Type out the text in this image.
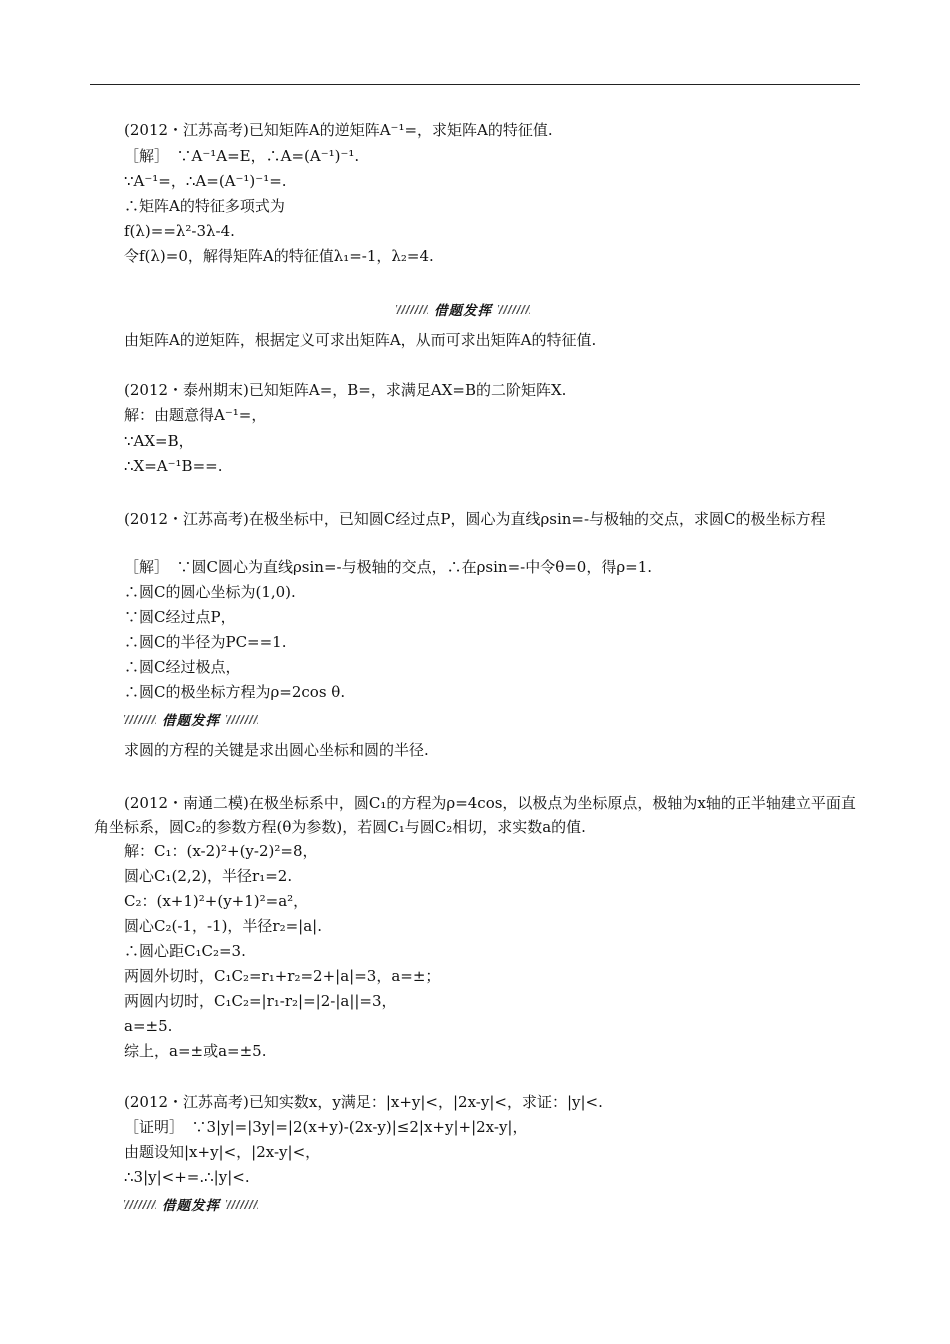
(2012・江苏高考)已知矩阵A的逆矩阵A⁻¹=，求矩阵A的特征值.
［解］　∵A⁻¹A=E，∴A=(A⁻¹)⁻¹.
∵A⁻¹=，∴A=(A⁻¹)⁻¹=.
∴矩阵A的特征多项式为
f(λ)==λ²-3λ-4.
令f(λ)=0，解得矩阵A的特征值λ₁=-1，λ₂=4.
借题发挥
由矩阵A的逆矩阵，根据定义可求出矩阵A，从而可求出矩阵A的特征值.
(2012・泰州期末)已知矩阵A=，B=，求满足AX=B的二阶矩阵X.
解：由题意得A⁻¹=，
∵AX=B，
∴X=A⁻¹B==.
(2012・江苏高考)在极坐标中，已知圆C经过点P，圆心为直线ρsin=-与极轴的交点，求圆C的极坐标方程
［解］　∵圆C圆心为直线ρsin=-与极轴的交点，∴在ρsin=-中令θ=0，得ρ=1.
∴圆C的圆心坐标为(1,0).
∵圆C经过点P，
∴圆C的半径为PC==1.
∴圆C经过极点，
∴圆C的极坐标方程为ρ=2cos θ.
借题发挥
求圆的方程的关键是求出圆心坐标和圆的半径.
(2012・南通二模)在极坐标系中，圆C₁的方程为ρ=4cos，以极点为坐标原点，极轴为x轴的正半轴建立平面直角坐标系，圆C₂的参数方程(θ为参数)，若圆C₁与圆C₂相切，求实数a的值.
解：C₁：(x-2)²+(y-2)²=8，
圆心C₁(2,2)，半径r₁=2.
C₂：(x+1)²+(y+1)²=a²，
圆心C₂(-1，-1)，半径r₂=|a|.
∴圆心距C₁C₂=3.
两圆外切时，C₁C₂=r₁+r₂=2+|a|=3，a=±；
两圆内切时，C₁C₂=|r₁-r₂|=|2-|a||=3，
a=±5.
综上，a=±或a=±5.
(2012・江苏高考)已知实数x，y满足：|x+y|<，|2x-y|<，求证：|y|<.
［证明］　∵3|y|=|3y|=|2(x+y)-(2x-y)|≤2|x+y|+|2x-y|，
由题设知|x+y|<，|2x-y|<，
∴3|y|<+=.∴|y|<.
借题发挥
